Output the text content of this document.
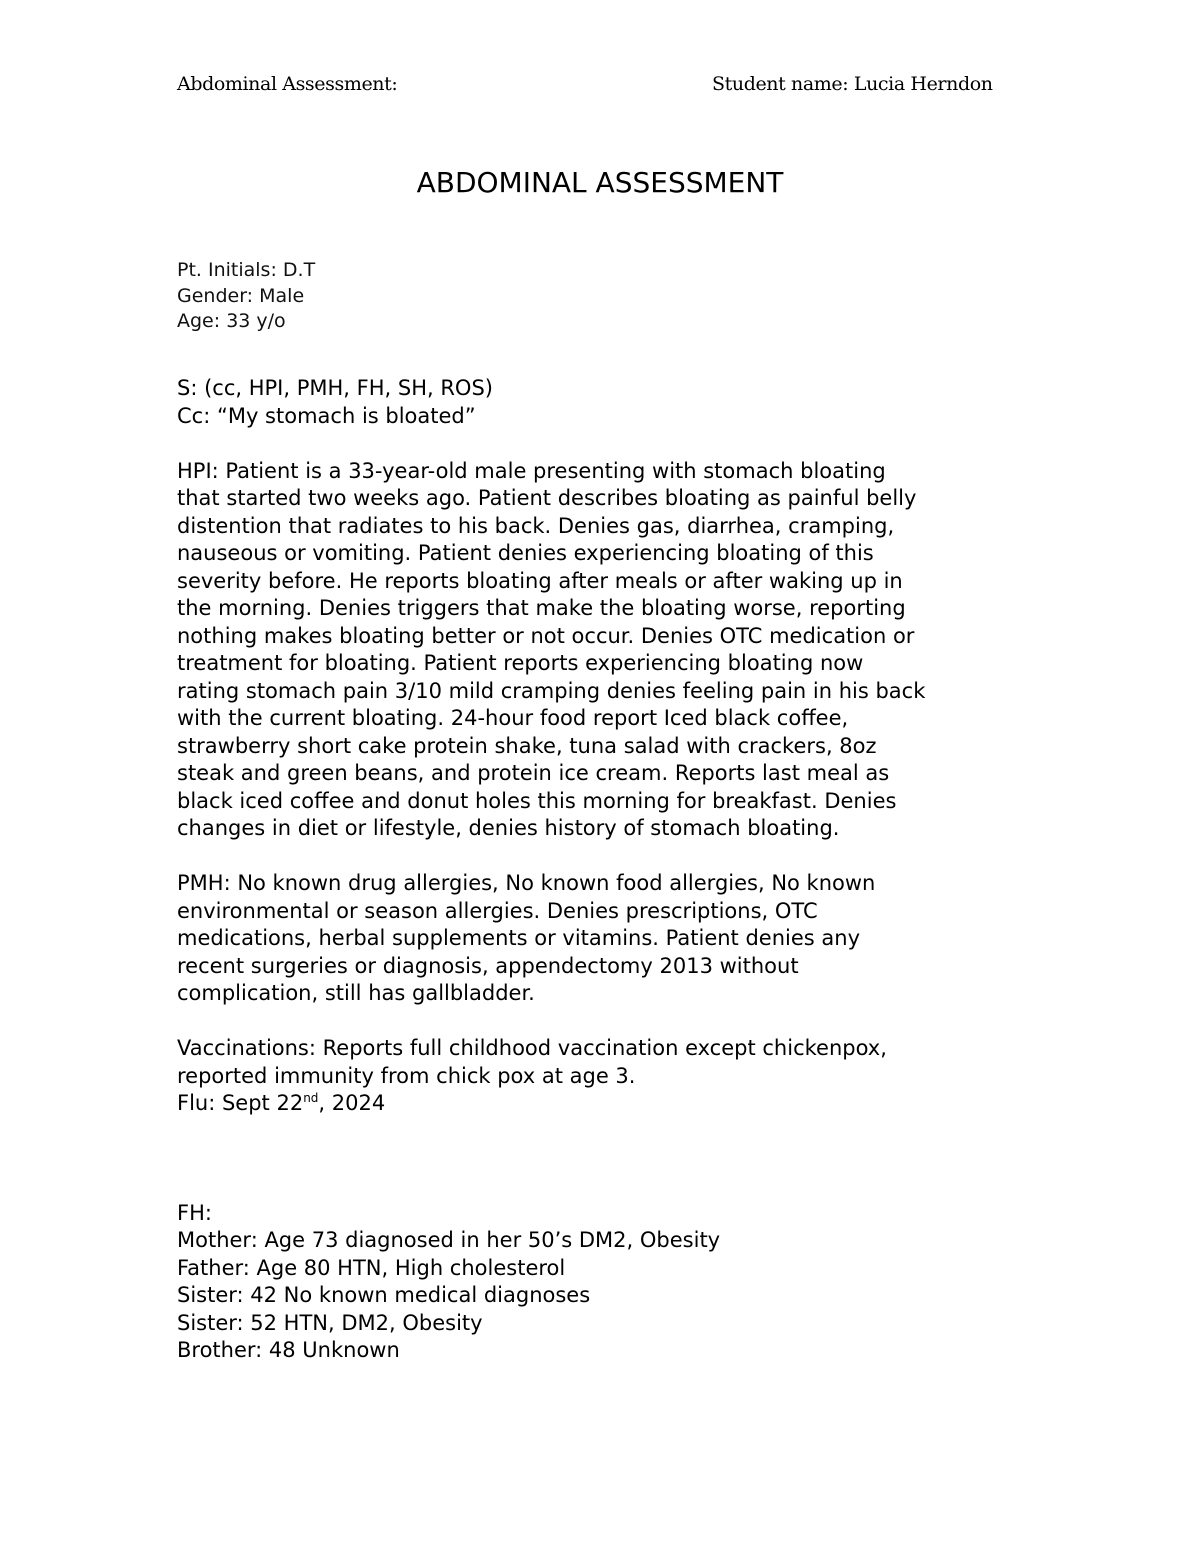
Abdominal Assessment:	Student name: Lucia Herndon
ABDOMINAL ASSESSMENT
Pt. Initials: D.T
Gender: Male
Age: 33 y/o
S: (cc, HPI, PMH, FH, SH, ROS)
Cc: “My stomach is bloated”
HPI: Patient is a 33-year-old male presenting with stomach bloating
that started two weeks ago. Patient describes bloating as painful belly
distention that radiates to his back. Denies gas, diarrhea, cramping,
nauseous or vomiting. Patient denies experiencing bloating of this
severity before. He reports bloating after meals or after waking up in
the morning. Denies triggers that make the bloating worse, reporting
nothing makes bloating better or not occur. Denies OTC medication or
treatment for bloating. Patient reports experiencing bloating now
rating stomach pain 3/10 mild cramping denies feeling pain in his back
with the current bloating. 24-hour food report Iced black coffee,
strawberry short cake protein shake, tuna salad with crackers, 8oz
steak and green beans, and protein ice cream. Reports last meal as
black iced coffee and donut holes this morning for breakfast. Denies
changes in diet or lifestyle, denies history of stomach bloating.
PMH: No known drug allergies, No known food allergies, No known
environmental or season allergies. Denies prescriptions, OTC
medications, herbal supplements or vitamins. Patient denies any
recent surgeries or diagnosis, appendectomy 2013 without
complication, still has gallbladder.
Vaccinations: Reports full childhood vaccination except chickenpox,
reported immunity from chick pox at age 3.
Flu: Sept 22nd, 2024
FH:
Mother: Age 73 diagnosed in her 50’s DM2, Obesity
Father: Age 80 HTN, High cholesterol
Sister: 42 No known medical diagnoses
Sister: 52 HTN, DM2, Obesity
Brother: 48 Unknown
